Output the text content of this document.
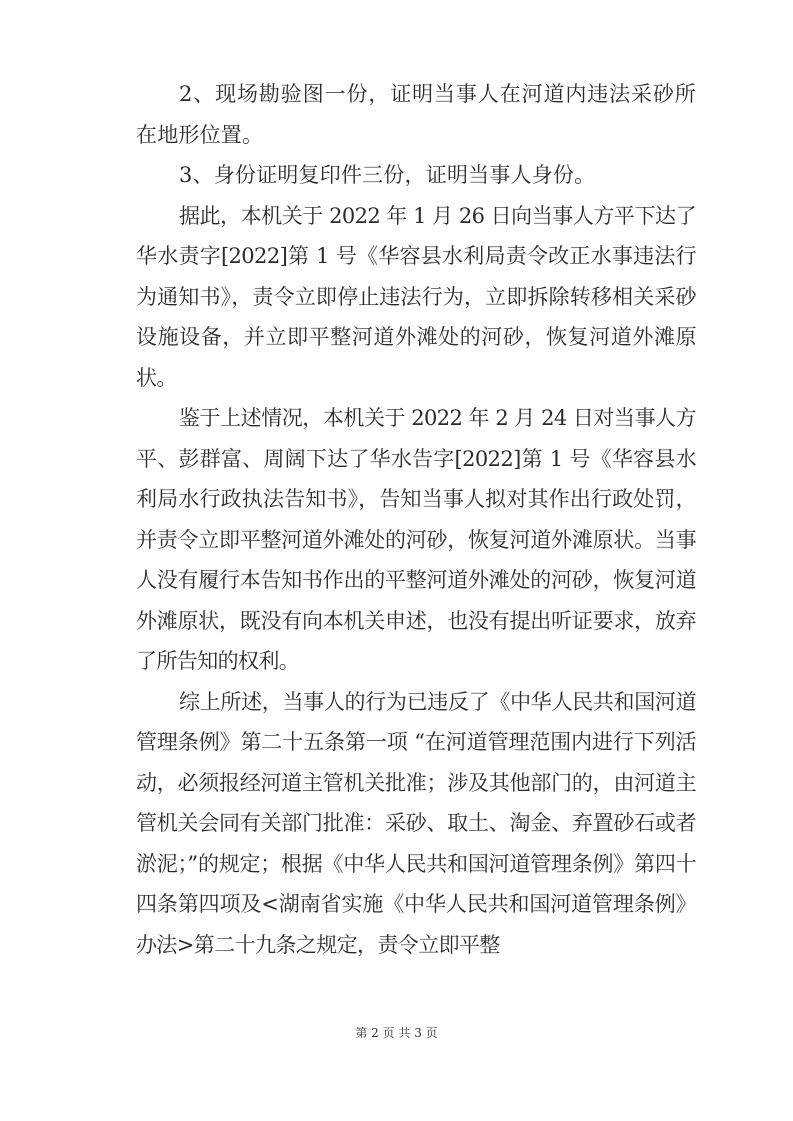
2、现场勘验图一份，证明当事人在河道内违法采砂所在地形位置。

3、身份证明复印件三份，证明当事人身份。

据此，本机关于 2022 年 1 月 26 日向当事人方平下达了华水责字[2022]第 1 号《华容县水利局责令改正水事违法行为通知书》，责令立即停止违法行为，立即拆除转移相关采砂设施设备，并立即平整河道外滩处的河砂，恢复河道外滩原状。

鉴于上述情况，本机关于 2022 年 2 月 24 日对当事人方平、彭群富、周阔下达了华水告字[2022]第 1 号《华容县水利局水行政执法告知书》，告知当事人拟对其作出行政处罚，并责令立即平整河道外滩处的河砂，恢复河道外滩原状。当事人没有履行本告知书作出的平整河道外滩处的河砂，恢复河道外滩原状，既没有向本机关申述，也没有提出听证要求，放弃了所告知的权利。

综上所述，当事人的行为已违反了《中华人民共和国河道管理条例》第二十五条第一项 “在河道管理范围内进行下列活动，必须报经河道主管机关批准；涉及其他部门的，由河道主管机关会同有关部门批准：采砂、取土、淘金、弃置砂石或者淤泥；”的规定；根据《中华人民共和国河道管理条例》第四十四条第四项及<湖南省实施《中华人民共和国河道管理条例》办法>第二十九条之规定，责令立即平整

第 2 页 共 3 页
